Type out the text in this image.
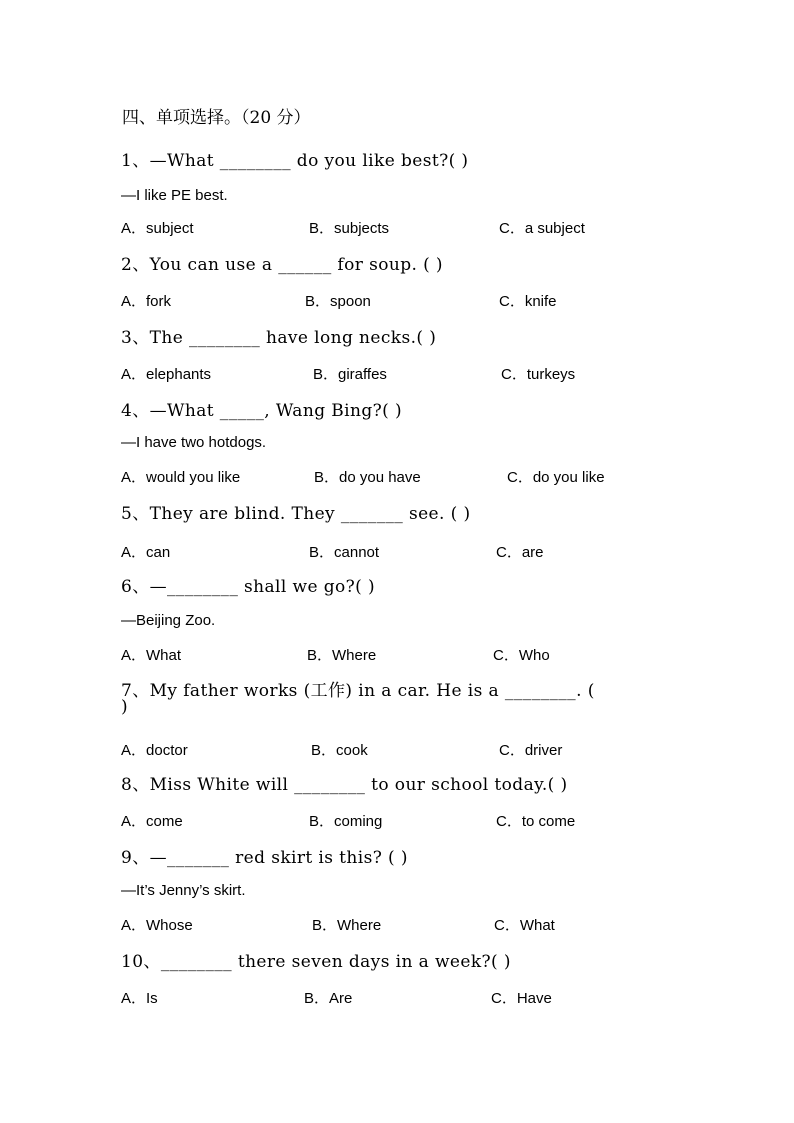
四、单项选择。（20 分）
1、—What ________ do you like best?( )
—I like PE best.
A．subject	B．subjects	C．a subject
2、You can use a ______ for soup. ( )
A．fork	B．spoon	C．knife
3、The ________ have long necks.( )
A．elephants	B．giraffes	C．turkeys
4、—What _____, Wang Bing?( )
—I have two hotdogs.
A．would you like	B．do you have	C．do you like
5、They are blind. They _______ see. ( )
A．can	B．cannot	C．are
6、—________ shall we go?( )
—Beijing Zoo.
A．What	B．Where	C．Who
7、My father works (工作) in a car. He is a ________. (
)
A．doctor	B．cook	C．driver
8、Miss White will ________ to our school today.( )
A．come	B．coming	C．to come
9、—_______ red skirt is this? ( )
—It’s Jenny’s skirt.
A．Whose	B．Where	C．What
10、________ there seven days in a week?( )
A．Is	B．Are	C．Have
